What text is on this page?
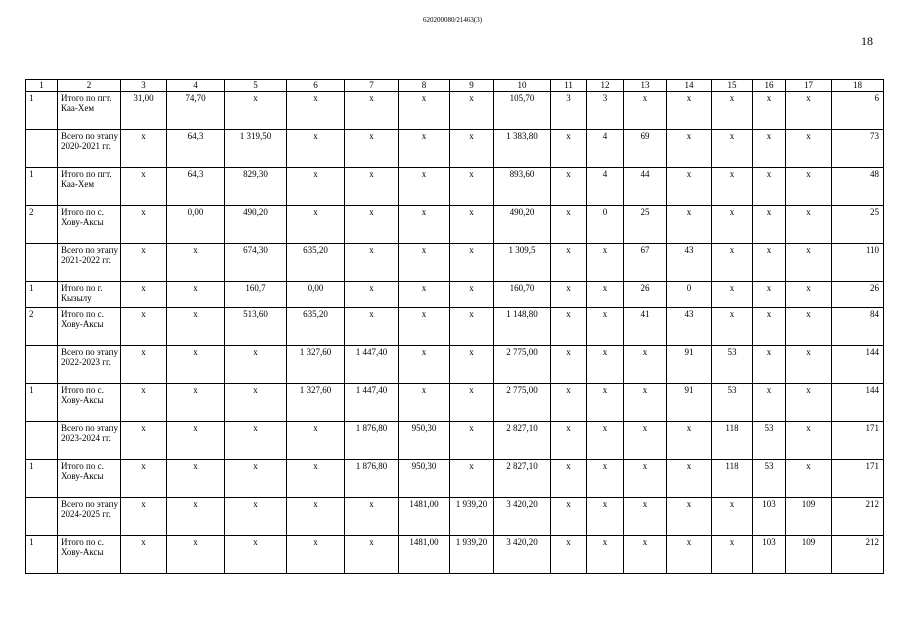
620200080/21463(3)
18
1	2	3	4	5	6	7	8	9	10	11	12	13	14	15	16	17	18
1	Итого по пгт. Каа-Хем	31,00	74,70	x	x	x	x	x	105,70	3	3	x	x	x	x	x	6
	Всего по этапу 2020-2021 гг.	x	64,3	1 319,50	x	x	x	x	1 383,80	x	4	69	x	x	x	x	73
1	Итого по пгт. Каа-Хем	x	64,3	829,30	x	x	x	x	893,60	x	4	44	x	x	x	x	48
2	Итого по с. Хову-Аксы	x	0,00	490,20	x	x	x	x	490,20	x	0	25	x	x	x	x	25
	Всего по этапу 2021-2022 гг.	x	x	674,30	635,20	x	x	x	1 309,5	x	x	67	43	x	x	x	110
1	Итого по г. Кызылу	x	x	160,7	0,00	x	x	x	160,70	x	x	26	0	x	x	x	26
2	Итого по с. Хову-Аксы	x	x	513,60	635,20	x	x	x	1 148,80	x	x	41	43	x	x	x	84
	Всего по этапу 2022-2023 гг.	x	x	x	1 327,60	1 447,40	x	x	2 775,00	x	x	x	91	53	x	x	144
1	Итого по с. Хову-Аксы	x	x	x	1 327,60	1 447,40	x	x	2 775,00	x	x	x	91	53	x	x	144
	Всего по этапу 2023-2024 гг.	x	x	x	x	1 876,80	950,30	x	2 827,10	x	x	x	x	118	53	x	171
1	Итого по с. Хову-Аксы	x	x	x	x	1 876,80	950,30	x	2 827,10	x	x	x	x	118	53	x	171
	Всего по этапу 2024-2025 гг.	x	x	x	x	x	1481,00	1 939,20	3 420,20	x	x	x	x	x	103	109	212
1	Итого по с. Хову-Аксы	x	x	x	x	x	1481,00	1 939,20	3 420,20	x	x	x	x	x	103	109	212
